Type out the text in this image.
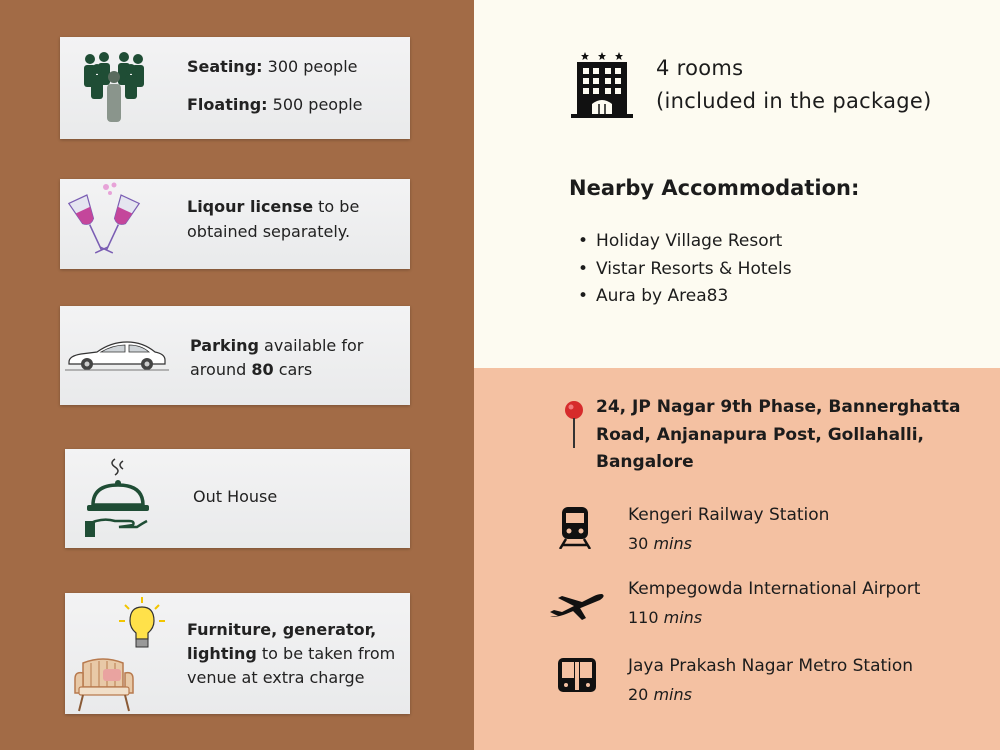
Seating: 300 people
Floating: 500 people
Liqour license to be
obtained separately.
Parking available for
around 80 cars
Out House
Furniture, generator,
lighting to be taken from
venue at extra charge
4 rooms
(included in the package)
Nearby Accommodation:
• Holiday Village Resort
• Vistar Resorts & Hotels
• Aura by Area83
24, JP Nagar 9th Phase, Bannerghatta
Road, Anjanapura Post, Gollahalli,
Bangalore
Kengeri Railway Station
30 mins
Kempegowda International Airport
110 mins
Jaya Prakash Nagar Metro Station
20 mins
